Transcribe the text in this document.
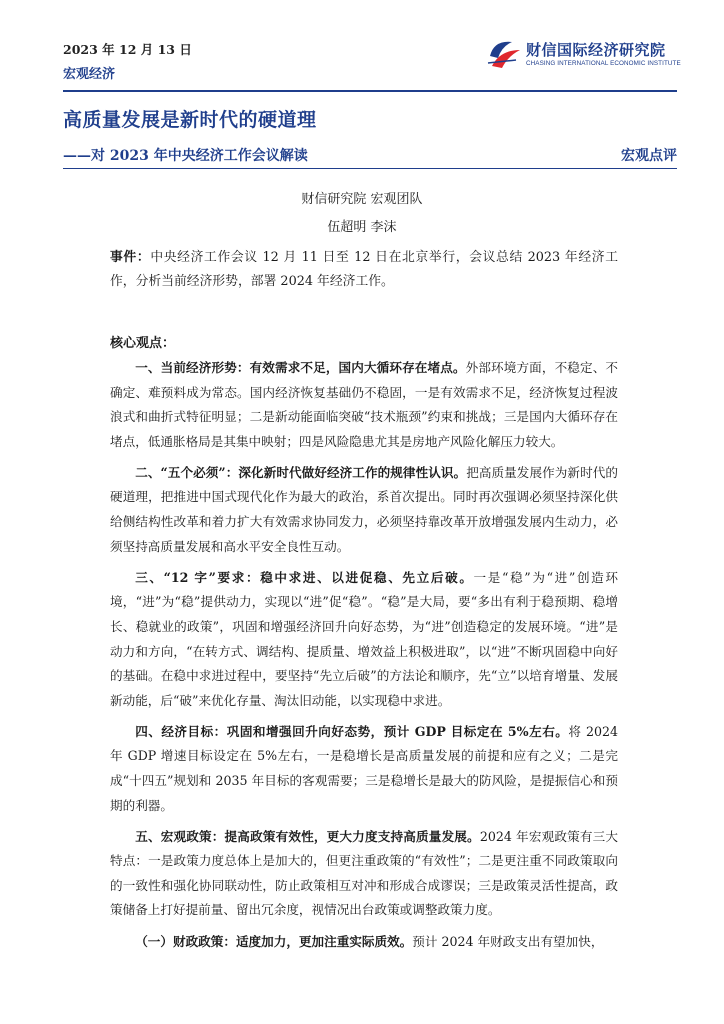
2023 年 12 月 13 日
宏观经济
财信国际经济研究院
CHASING INTERNATIONAL ECONOMIC INSTITUTE
高质量发展是新时代的硬道理
——对 2023 年中央经济工作会议解读	宏观点评
财信研究院 宏观团队
伍超明 李沫
事件：中央经济工作会议 12 月 11 日至 12 日在北京举行，会议总结 2023 年经济工作，分析当前经济形势，部署 2024 年经济工作。
核心观点：

一、当前经济形势：有效需求不足，国内大循环存在堵点。外部环境方面，不稳定、不确定、难预料成为常态。国内经济恢复基础仍不稳固，一是有效需求不足，经济恢复过程波浪式和曲折式特征明显；二是新动能面临突破“技术瓶颈”约束和挑战；三是国内大循环存在堵点，低通胀格局是其集中映射；四是风险隐患尤其是房地产风险化解压力较大。

二、“五个必须”：深化新时代做好经济工作的规律性认识。把高质量发展作为新时代的硬道理，把推进中国式现代化作为最大的政治，系首次提出。同时再次强调必须坚持深化供给侧结构性改革和着力扩大有效需求协同发力，必须坚持靠改革开放增强发展内生动力，必须坚持高质量发展和高水平安全良性互动。

三、“12 字”要求：稳中求进、以进促稳、先立后破。一是“稳”为“进”创造环境，“进”为“稳”提供动力，实现以“进”促“稳”。“稳”是大局，要“多出有利于稳预期、稳增长、稳就业的政策”，巩固和增强经济回升向好态势，为“进”创造稳定的发展环境。“进”是动力和方向，“在转方式、调结构、提质量、增效益上积极进取”，以“进”不断巩固稳中向好的基础。在稳中求进过程中，要坚持“先立后破”的方法论和顺序，先“立”以培育增量、发展新动能，后“破”来优化存量、淘汰旧动能，以实现稳中求进。

四、经济目标：巩固和增强回升向好态势，预计 GDP 目标定在 5%左右。将 2024 年 GDP 增速目标设定在 5%左右，一是稳增长是高质量发展的前提和应有之义；二是完成“十四五”规划和 2035 年目标的客观需要；三是稳增长是最大的防风险，是提振信心和预期的利器。

五、宏观政策：提高政策有效性，更大力度支持高质量发展。2024 年宏观政策有三大特点：一是政策力度总体上是加大的，但更注重政策的“有效性”；二是更注重不同政策取向的一致性和强化协同联动性，防止政策相互对冲和形成合成谬误；三是政策灵活性提高，政策储备上打好提前量、留出冗余度，视情况出台政策或调整政策力度。

（一）财政政策：适度加力，更加注重实际质效。预计 2024 年财政支出有望加快，
